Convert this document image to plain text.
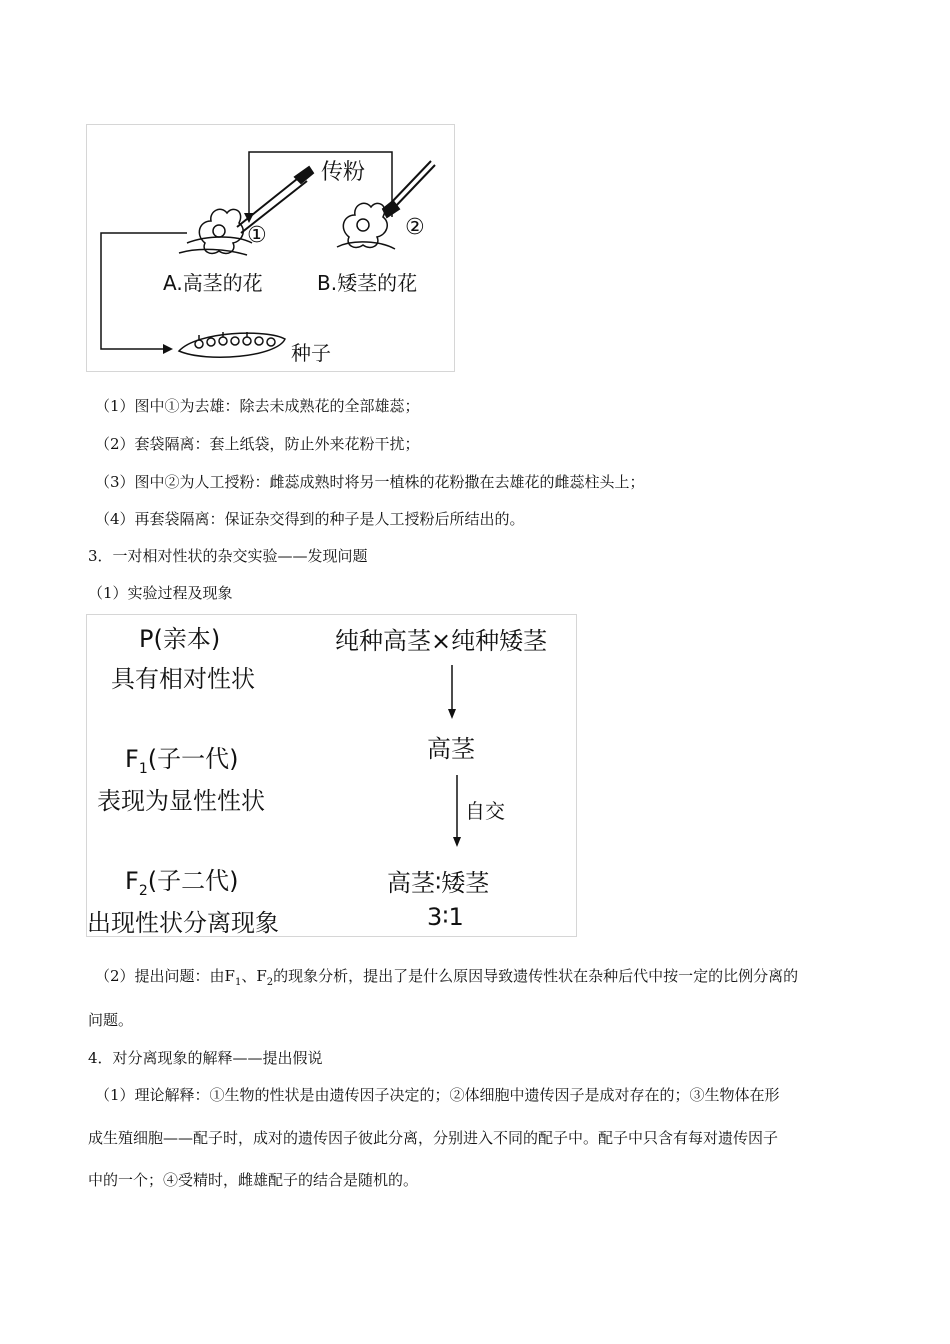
传粉
①	②
A.高茎的花	B.矮茎的花
种子
（1）图中①为去雄：除去未成熟花的全部雄蕊；
（2）套袋隔离：套上纸袋，防止外来花粉干扰；
（3）图中②为人工授粉：雌蕊成熟时将另一植株的花粉撒在去雄花的雌蕊柱头上；
（4）再套袋隔离：保证杂交得到的种子是人工授粉后所结出的。
3．一对相对性状的杂交实验——发现问题
（1）实验过程及现象
P(亲本)
具有相对性状
$F_1$(子一代)
表现为显性性状
$F_2$(子二代)
出现性状分离现象
纯种高茎×纯种矮茎
高茎
自交
高茎∶矮茎
3∶1
（2）提出问题：由$F_1$、$F_2$的现象分析，提出了是什么原因导致遗传性状在杂种后代中按一定的比例分离的
问题。
4．对分离现象的解释——提出假说
（1）理论解释：①生物的性状是由遗传因子决定的；②体细胞中遗传因子是成对存在的；③生物体在形
成生殖细胞——配子时，成对的遗传因子彼此分离，分别进入不同的配子中。配子中只含有每对遗传因子
中的一个；④受精时，雌雄配子的结合是随机的。
